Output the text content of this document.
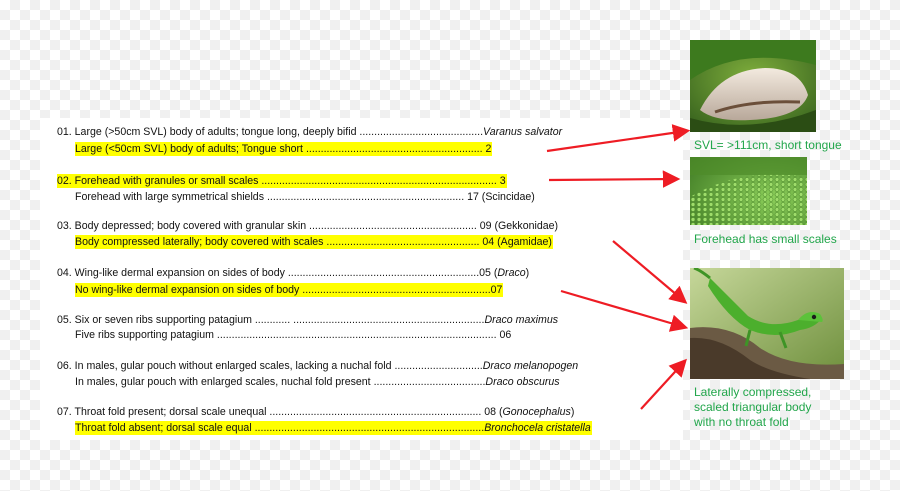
01. Large (>50cm SVL) body of adults; tongue long, deeply bifid ..........................................Varanus salvator
Large (<50cm SVL) body of adults; Tongue short ............................................................ 2
02. Forehead with granules or small scales ................................................................................ 3
Forehead with large symmetrical shields ................................................................... 17 (Scincidae)
03. Body depressed; body covered with granular skin ......................................................... 09 (Gekkonidae)
Body compressed laterally; body covered with scales .................................................... 04 (Agamidae)
04. Wing-like dermal expansion on sides of body .................................................................05 (Draco)
No wing-like dermal expansion on sides of body ................................................................07
05. Six or seven ribs supporting patagium ............ .................................................................Draco maximus
Five ribs supporting patagium ............................................................................................... 06
06. In males, gular pouch without enlarged scales, lacking a nuchal fold ..............................Draco melanopogen
In males, gular pouch with enlarged scales, nuchal fold present ......................................Draco obscurus
07. Throat fold present; dorsal scale unequal ........................................................................ 08 (Gonocephalus)
Throat fold absent; dorsal scale equal ..............................................................................Bronchocela cristatella
SVL= >111cm, short tongue
Forehead has small scales
Laterally compressed,
scaled triangular body
with no throat fold
